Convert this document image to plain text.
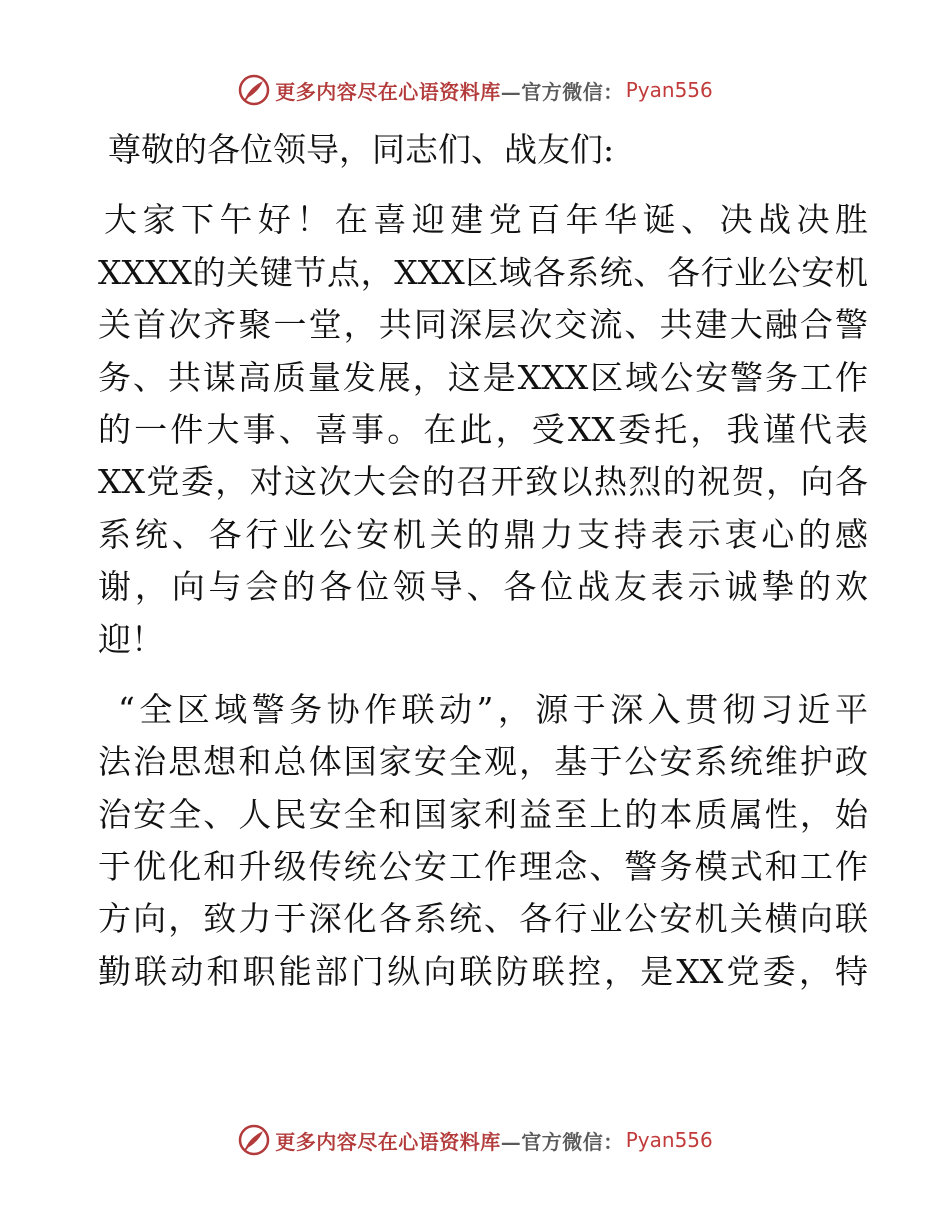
更多内容尽在心语资料库 —官方微信： Pyan556
尊敬的各位领导，同志们、战友们:
大家下午好！在喜迎建党百年华诞、决战决胜
XXXX的关键节点，XXX区域各系统、各行业公安机
关首次齐聚一堂，共同深层次交流、共建大融合警
务、共谋高质量发展，这是XXX区域公安警务工作
的一件大事、喜事。在此，受XX委托，我谨代表
XX党委，对这次大会的召开致以热烈的祝贺，向各
系统、各行业公安机关的鼎力支持表示衷心的感
谢，向与会的各位领导、各位战友表示诚挚的欢
迎！
“全区域警务协作联动”，源于深入贯彻习近平
法治思想和总体国家安全观，基于公安系统维护政
治安全、人民安全和国家利益至上的本质属性，始
于优化和升级传统公安工作理念、警务模式和工作
方向，致力于深化各系统、各行业公安机关横向联
勤联动和职能部门纵向联防联控，是XX党委，特
更多内容尽在心语资料库 —官方微信： Pyan556
